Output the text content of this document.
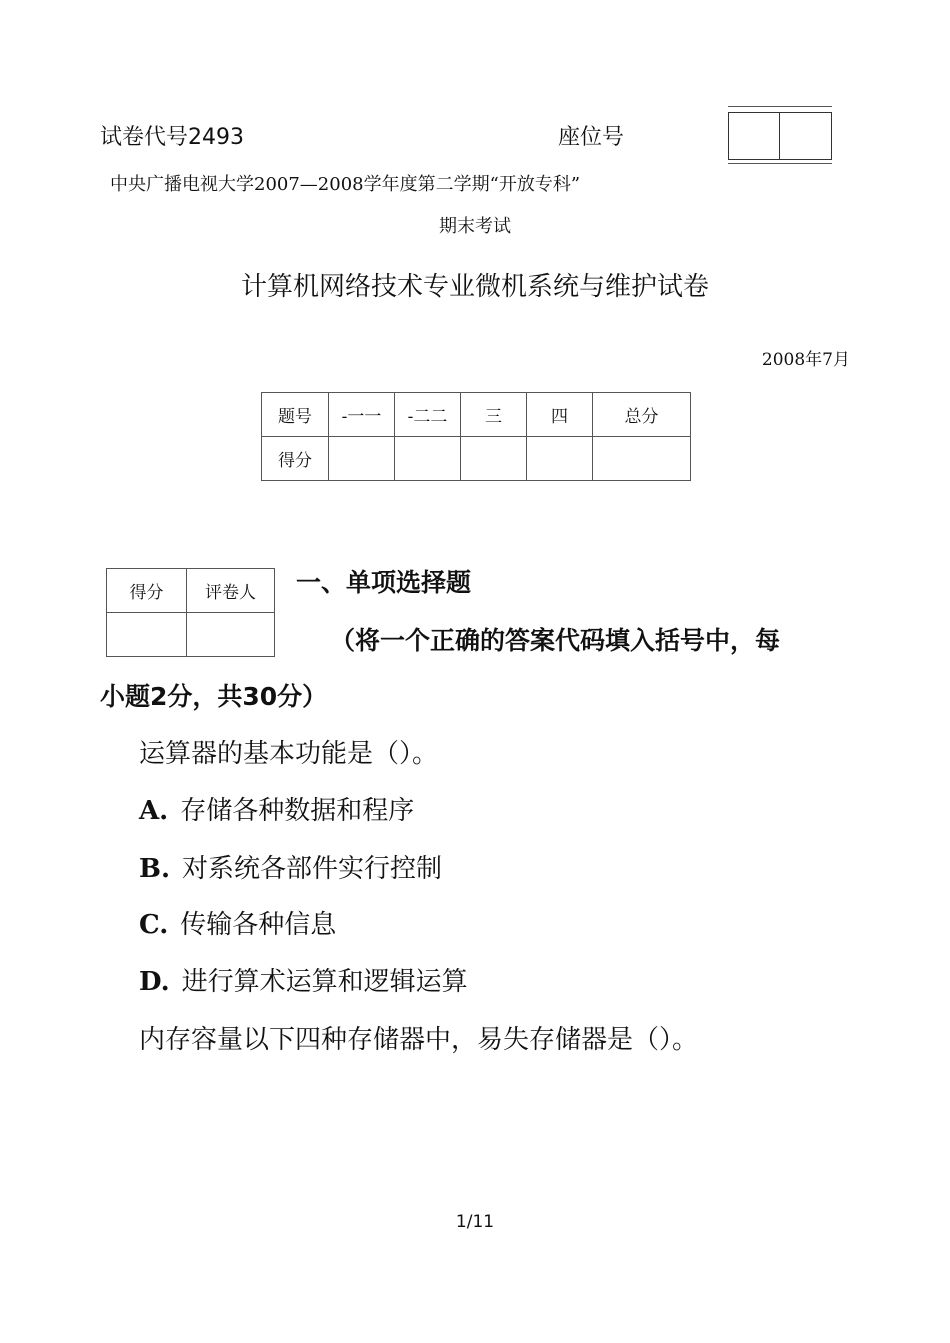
试卷代号2493	座位号
中央广播电视大学2007—2008学年度第二学期“开放专科”
期末考试
计算机网络技术专业微机系统与维护试卷
2008年7月
题号	-一一	-二二	三	四	总分
得分					
得分	评卷人
	一、单项选择题
（将一个正确的答案代码填入括号中，每
小题2分，共30分）
运算器的基本功能是（）。
A. 存储各种数据和程序
B. 对系统各部件实行控制
C. 传输各种信息
D. 进行算术运算和逻辑运算
内存容量以下四种存储器中，易失存储器是（）。
1/11
